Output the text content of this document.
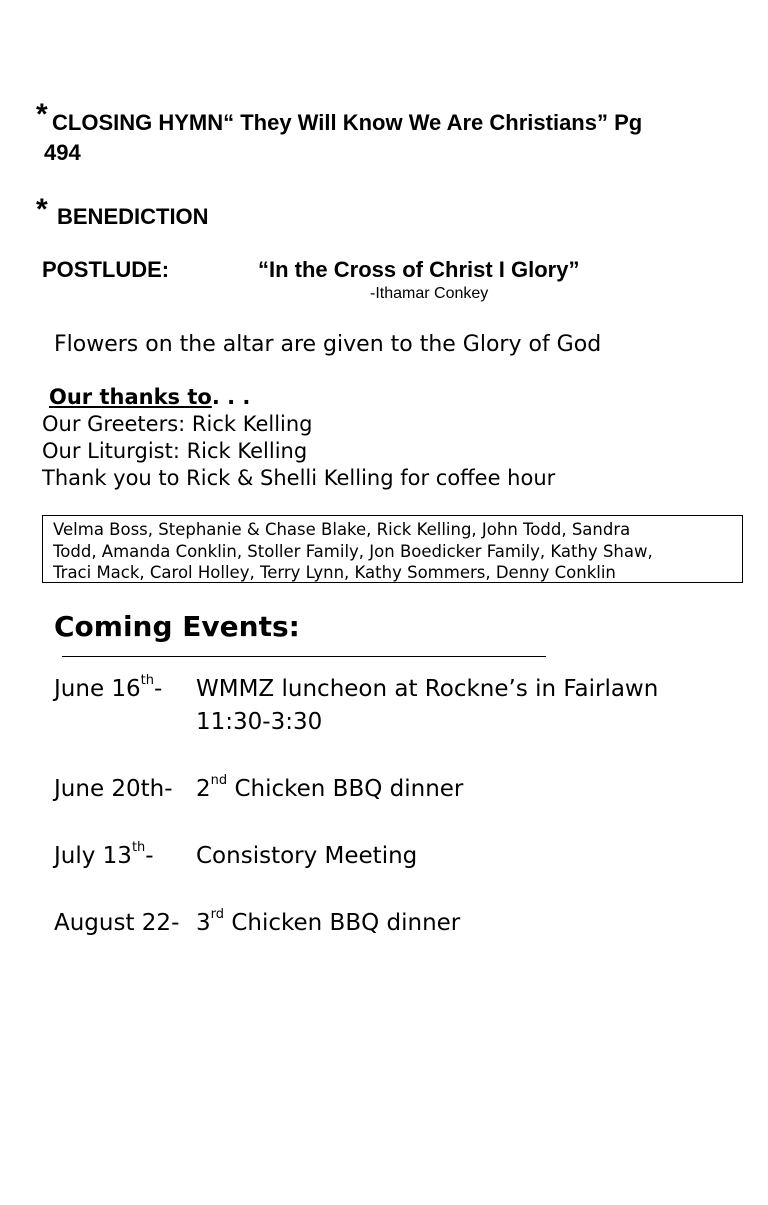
* CLOSING HYMN“ They Will Know We Are Christians” Pg
494
* BENEDICTION
POSTLUDE:	“In the Cross of Christ I Glory”
-Ithamar Conkey
Flowers on the altar are given to the Glory of God
Our thanks to. . .
Our Greeters: Rick Kelling
Our Liturgist: Rick Kelling
Thank you to Rick & Shelli Kelling for coffee hour
Velma Boss, Stephanie & Chase Blake, Rick Kelling, John Todd, Sandra
Todd, Amanda Conklin, Stoller Family, Jon Boedicker Family, Kathy Shaw,
Traci Mack, Carol Holley, Terry Lynn, Kathy Sommers, Denny Conklin
Coming Events:
June 16th- WMMZ luncheon at Rockne’s in Fairlawn
11:30-3:30
June 20th- 2nd Chicken BBQ dinner
July 13th- Consistory Meeting
August 22- 3rd Chicken BBQ dinner
